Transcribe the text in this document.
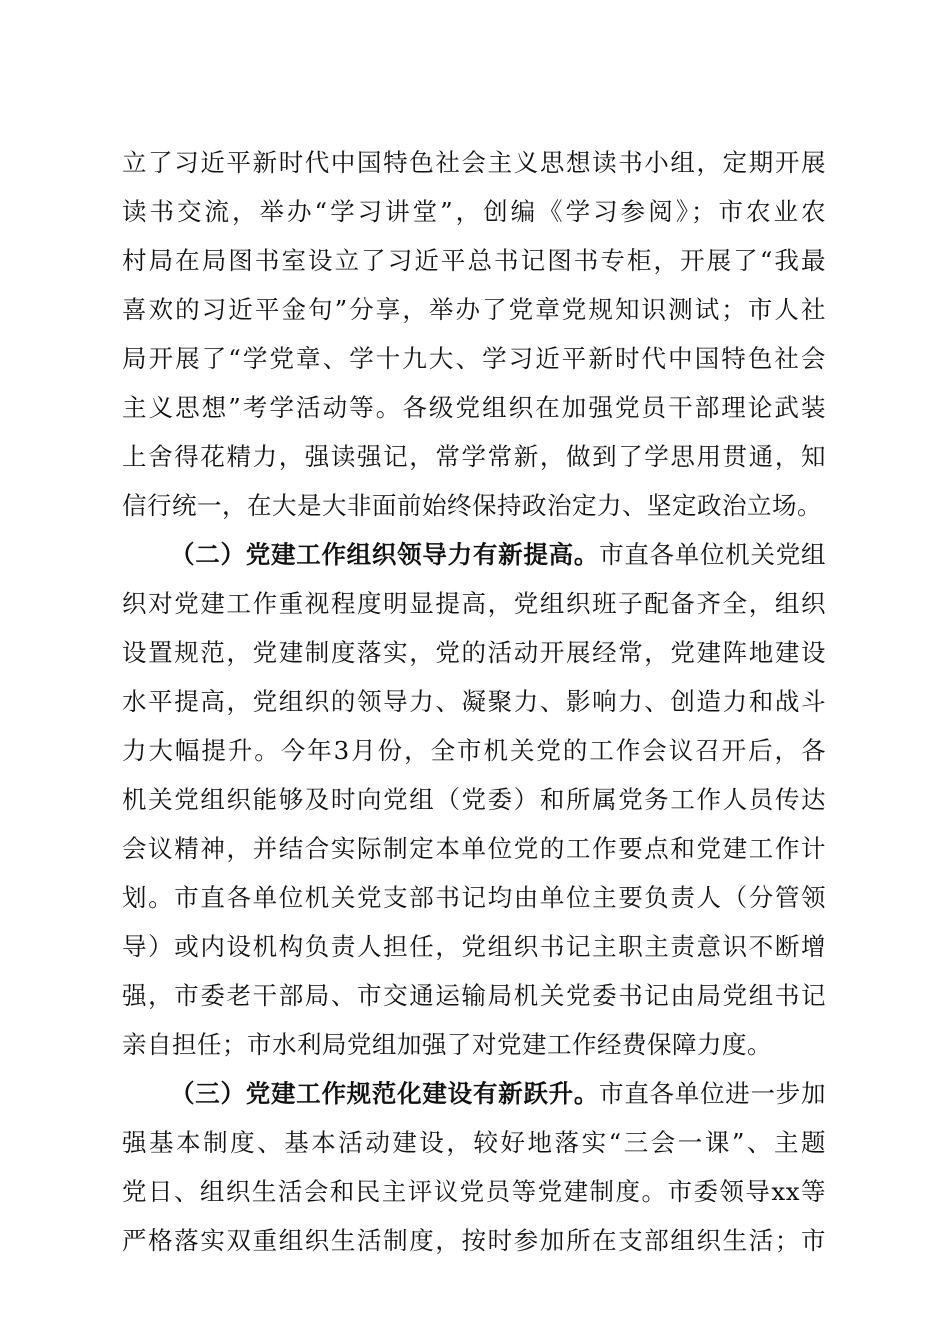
立了习近平新时代中国特色社会主义思想读书小组，定期开展
读书交流，举办“学习讲堂”，创编《学习参阅》；市农业农
村局在局图书室设立了习近平总书记图书专柜，开展了“我最
喜欢的习近平金句”分享，举办了党章党规知识测试；市人社
局开展了“学党章、学十九大、学习近平新时代中国特色社会
主义思想”考学活动等。各级党组织在加强党员干部理论武装
上舍得花精力，强读强记，常学常新，做到了学思用贯通，知
信行统一，在大是大非面前始终保持政治定力、坚定政治立场。
（二）党建工作组织领导力有新提高。市直各单位机关党组
织对党建工作重视程度明显提高，党组织班子配备齐全，组织
设置规范，党建制度落实，党的活动开展经常，党建阵地建设
水平提高，党组织的领导力、凝聚力、影响力、创造力和战斗
力大幅提升。今年3月份，全市机关党的工作会议召开后，各
机关党组织能够及时向党组（党委）和所属党务工作人员传达
会议精神，并结合实际制定本单位党的工作要点和党建工作计
划。市直各单位机关党支部书记均由单位主要负责人（分管领
导）或内设机构负责人担任，党组织书记主职主责意识不断增
强，市委老干部局、市交通运输局机关党委书记由局党组书记
亲自担任；市水利局党组加强了对党建工作经费保障力度。
（三）党建工作规范化建设有新跃升。市直各单位进一步加
强基本制度、基本活动建设，较好地落实“三会一课”、主题
党日、组织生活会和民主评议党员等党建制度。市委领导xx等
严格落实双重组织生活制度，按时参加所在支部组织生活；市
